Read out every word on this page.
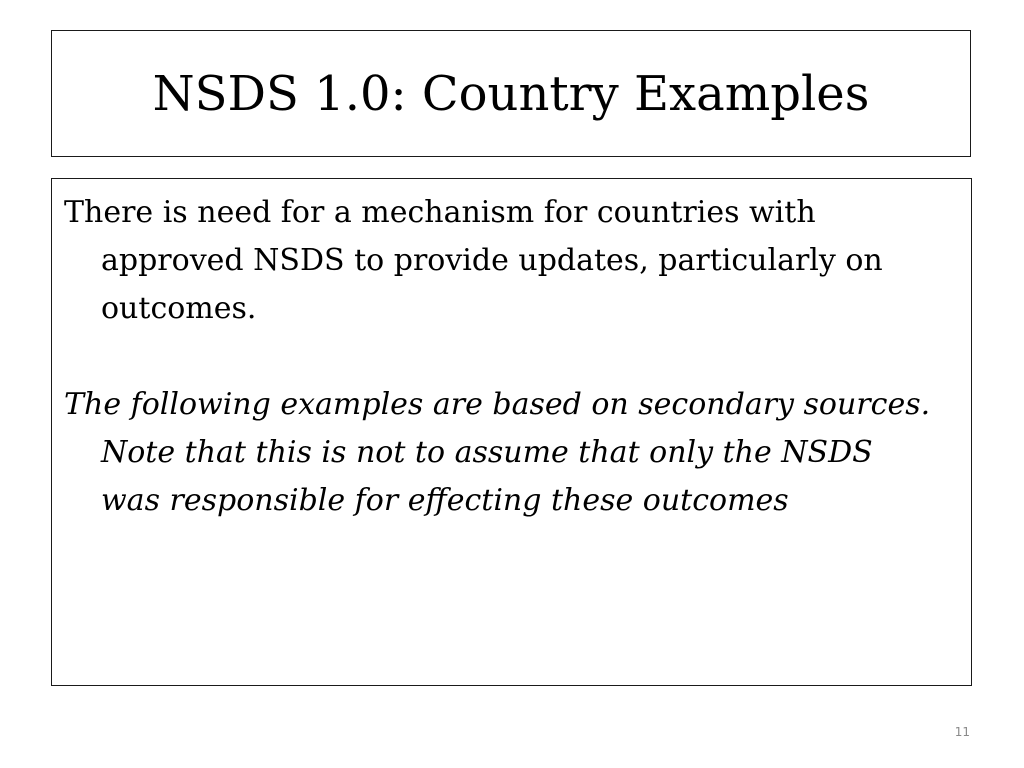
NSDS 1.0: Country Examples

There is need for a mechanism for countries with approved NSDS to provide updates, particularly on outcomes.

The following examples are based on secondary sources. Note that this is not to assume that only the NSDS was responsible for effecting these outcomes

11
